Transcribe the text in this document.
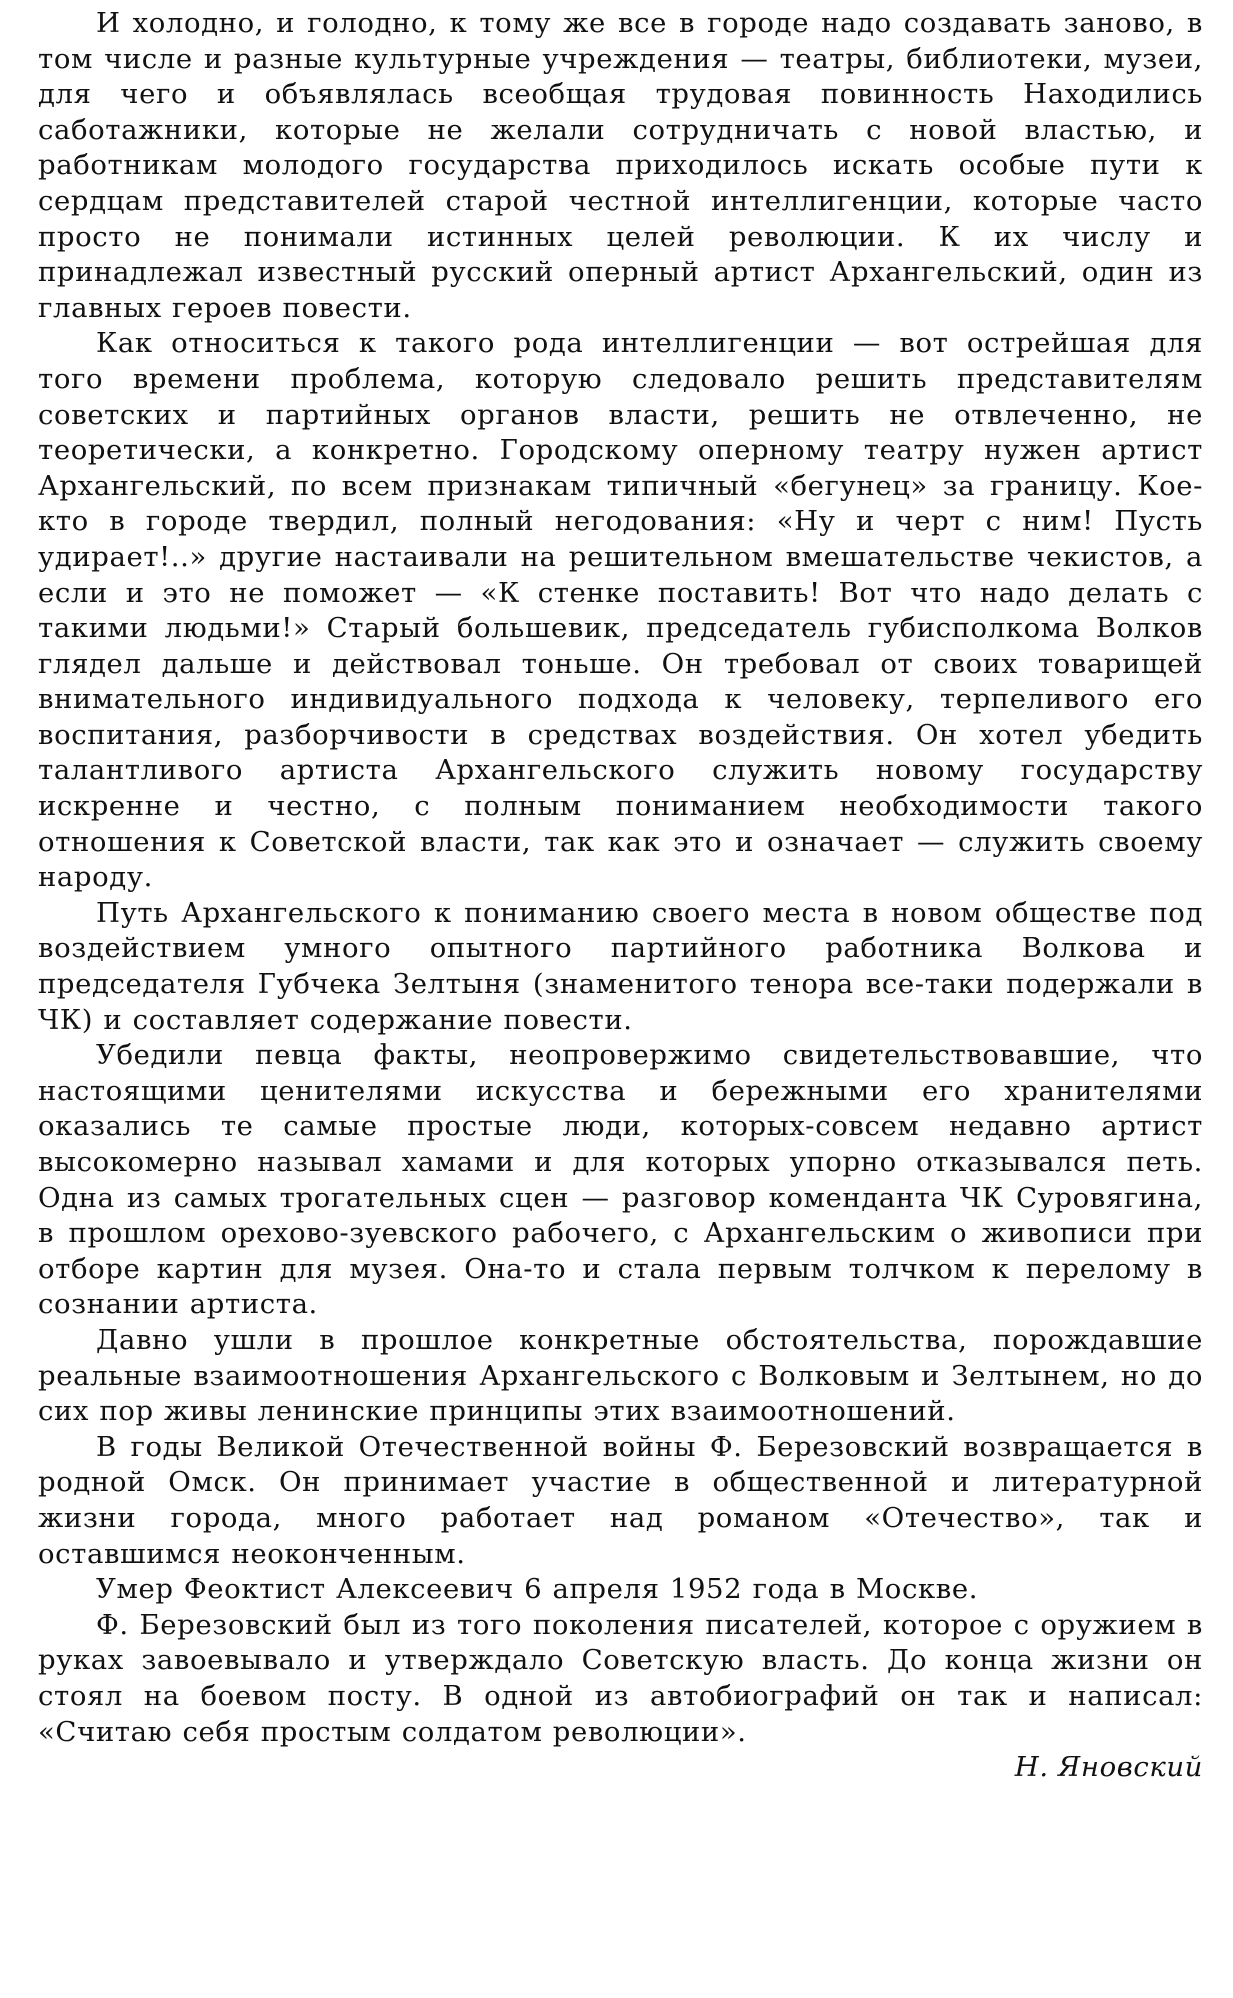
И холодно, и голодно, к тому же все в городе надо создавать заново, в том числе и разные культурные учреждения — театры, библиотеки, музеи, для чего и объявлялась всеобщая трудовая повинность Находились саботажники, которые не желали сотрудничать с новой властью, и работникам молодого государства приходилось искать особые пути к сердцам представителей старой честной интеллигенции, которые часто просто не понимали истинных целей революции. К их числу и принадлежал известный русский оперный артист Архангельский, один из главных героев повести.

Как относиться к такого рода интеллигенции — вот острейшая для того времени проблема, которую следовало решить представителям советских и партийных органов власти, решить не отвлеченно, не теоретически, а конкретно. Городскому оперному театру нужен артист Архангельский, по всем признакам типичный «бегунец» за границу. Кое-кто в городе твердил, полный негодования: «Ну и черт с ним! Пусть удирает!..» другие настаивали на решительном вмешательстве чекистов, а если и это не поможет — «К стенке поставить! Вот что надо делать с такими людьми!» Старый большевик, председатель губисполкома Волков глядел дальше и действовал тоньше. Он требовал от своих товарищей внимательного индивидуального подхода к человеку, терпеливого его воспитания, разборчивости в средствах воздействия. Он хотел убедить талантливого артиста Архангельского служить новому государству искренне и честно, с полным пониманием необходимости такого отношения к Советской власти, так как это и означает — служить своему народу.

Путь Архангельского к пониманию своего места в новом обществе под воздействием умного опытного партийного работника Волкова и председателя Губчека Зелтыня (знаменитого тенора все-таки подержали в ЧК) и составляет содержание повести.

Убедили певца факты, неопровержимо свидетельствовавшие, что настоящими ценителями искусства и бережными его хранителями оказались те самые простые люди, которых-совсем недавно артист высокомерно называл хамами и для которых упорно отказывался петь. Одна из самых трогательных сцен — разговор коменданта ЧК Суровягина, в прошлом орехово-зуевского рабочего, с Архангельским о живописи при отборе картин для музея. Она-то и стала первым толчком к перелому в сознании артиста.

Давно ушли в прошлое конкретные обстоятельства, порождавшие реальные взаимоотношения Архангельского с Волковым и Зелтынем, но до сих пор живы ленинские принципы этих взаимоотношений.

В годы Великой Отечественной войны Ф. Березовский возвращается в родной Омск. Он принимает участие в общественной и литературной жизни города, много работает над романом «Отечество», так и оставшимся неоконченным.

Умер Феоктист Алексеевич 6 апреля 1952 года в Москве.

Ф. Березовский был из того поколения писателей, которое с оружием в руках завоевывало и утверждало Советскую власть. До конца жизни он стоял на боевом посту. В одной из автобиографий он так и написал: «Считаю себя простым солдатом революции».

Н. Яновский
